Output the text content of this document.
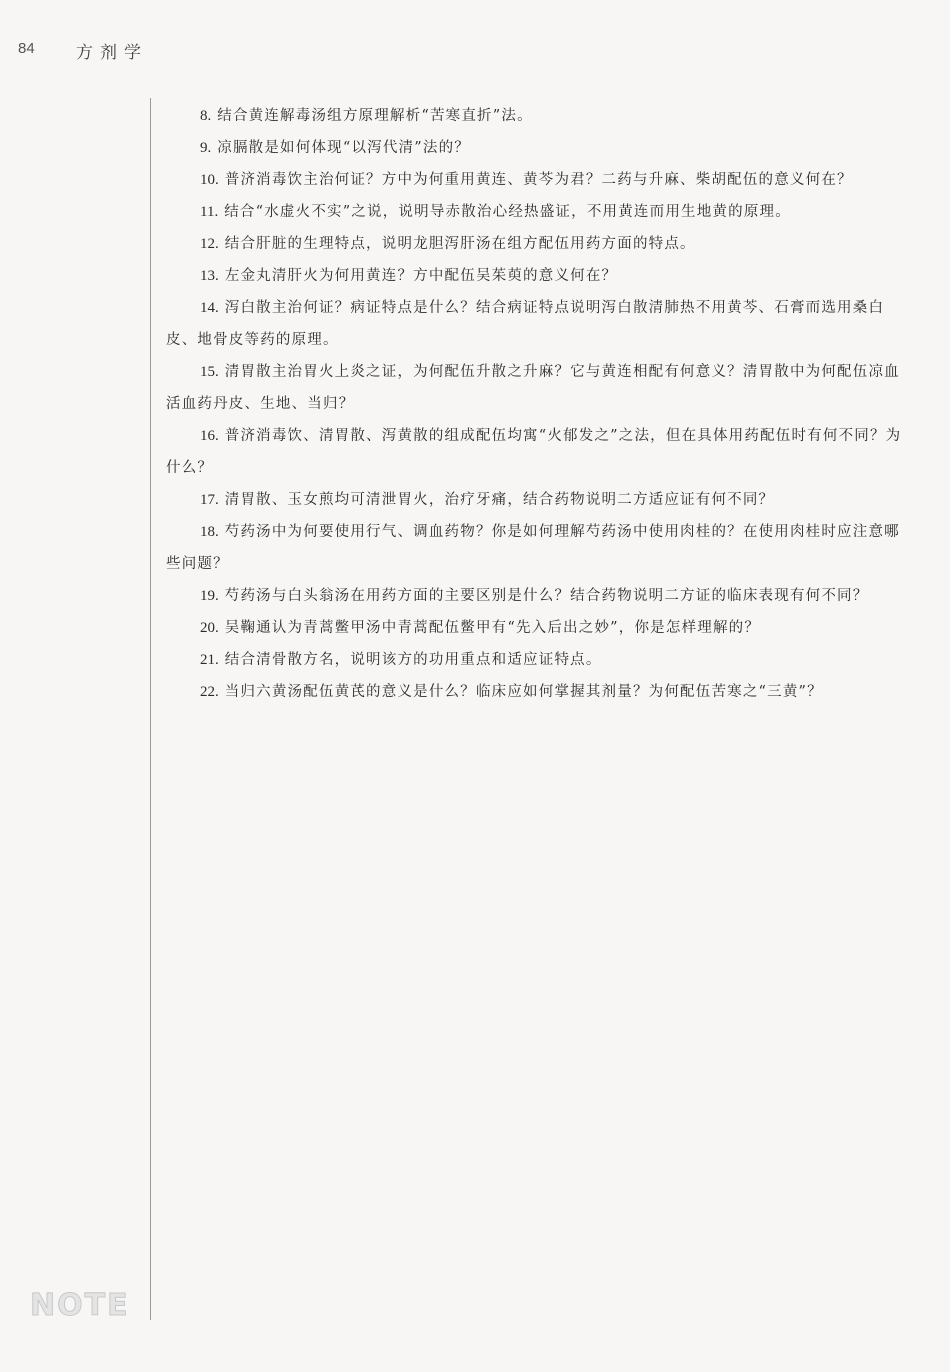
84 方剂学

8. 结合黄连解毒汤组方原理解析“苦寒直折”法。

9. 凉膈散是如何体现“以泻代清”法的？

10. 普济消毒饮主治何证？方中为何重用黄连、黄芩为君？二药与升麻、柴胡配伍的意义何在？

11. 结合“水虚火不实”之说，说明导赤散治心经热盛证，不用黄连而用生地黄的原理。

12. 结合肝脏的生理特点，说明龙胆泻肝汤在组方配伍用药方面的特点。

13. 左金丸清肝火为何用黄连？方中配伍吴茱萸的意义何在？

14. 泻白散主治何证？病证特点是什么？结合病证特点说明泻白散清肺热不用黄芩、石膏而选用桑白皮、地骨皮等药的原理。

15. 清胃散主治胃火上炎之证，为何配伍升散之升麻？它与黄连相配有何意义？清胃散中为何配伍凉血活血药丹皮、生地、当归？

16. 普济消毒饮、清胃散、泻黄散的组成配伍均寓“火郁发之”之法，但在具体用药配伍时有何不同？为什么？

17. 清胃散、玉女煎均可清泄胃火，治疗牙痛，结合药物说明二方适应证有何不同？

18. 芍药汤中为何要使用行气、调血药物？你是如何理解芍药汤中使用肉桂的？在使用肉桂时应注意哪些问题？

19. 芍药汤与白头翁汤在用药方面的主要区别是什么？结合药物说明二方证的临床表现有何不同？

20. 吴鞠通认为青蒿鳖甲汤中青蒿配伍鳖甲有“先入后出之妙”，你是怎样理解的？

21. 结合清骨散方名，说明该方的功用重点和适应证特点。

22. 当归六黄汤配伍黄芪的意义是什么？临床应如何掌握其剂量？为何配伍苦寒之“三黄”？

NOTE
